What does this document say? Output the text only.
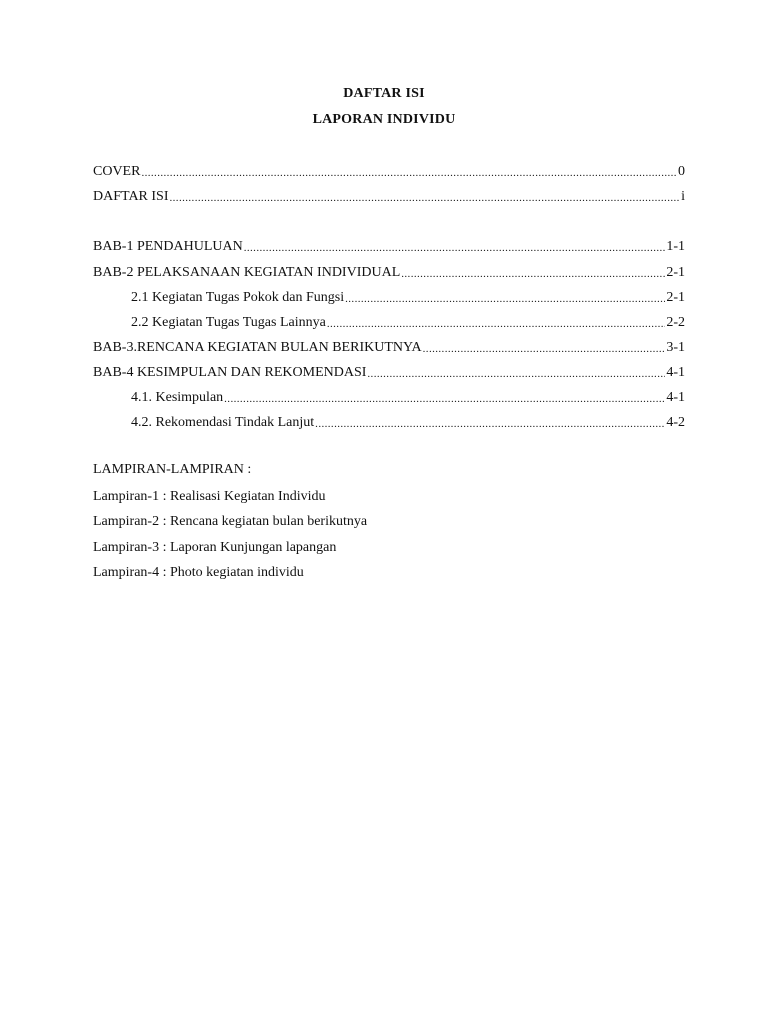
DAFTAR ISI
LAPORAN INDIVIDU
COVER .....	0
DAFTAR ISI .....	i
BAB-1 PENDAHULUAN .....	1-1
BAB-2 PELAKSANAAN KEGIATAN INDIVIDUAL .....	2-1
2.1 Kegiatan Tugas Pokok dan Fungsi .....	2-1
2.2 Kegiatan Tugas Tugas Lainnya .....	2-2
BAB-3.RENCANA KEGIATAN BULAN BERIKUTNYA .....	3-1
BAB-4 KESIMPULAN DAN REKOMENDASI .....	4-1
4.1. Kesimpulan .....	4-1
4.2. Rekomendasi Tindak Lanjut .....	4-2
LAMPIRAN-LAMPIRAN :
Lampiran-1 : Realisasi Kegiatan Individu
Lampiran-2 : Rencana kegiatan bulan berikutnya
Lampiran-3 : Laporan Kunjungan lapangan
Lampiran-4 : Photo kegiatan individu
